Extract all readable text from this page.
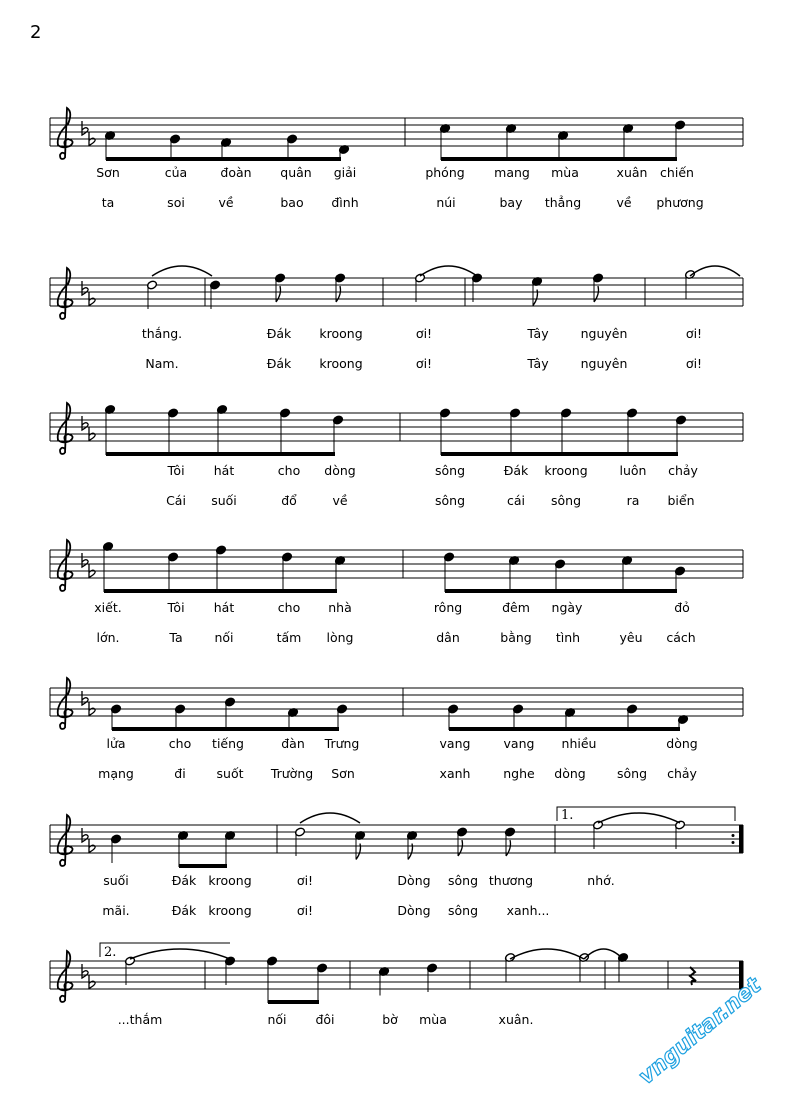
2
Sơn	của	đoàn quân giải	phóng mang mùa	xuân chiến
ta	soi	về	bao đình	núi	bay thẳng	về phương
thắng.	Đák kroong	ơi!	Tây	nguyên	ơi!
Nam.	Đák kroong	ơi!	Tây	nguyên	ơi!
Tôi hát	cho dòng	sông	Đák kroong	luôn chảy
Cái suối	đổ	về	sông	cái sông	ra biển
xiết.	Tôi hát	cho nhà	rông	đêm ngày	đỏ
lớn.	Ta	nối	tấm lòng	dân	bằng tình	yêu cách
lửa	cho tiếng	đàn Trưng	vang	vang nhiều	dòng
mạng	đi suốt Trường Sơn	xanh	nghe dòng	sông chảy
suối	Đák kroong	ơi!	Dòng sông thương	nhớ.
mãi.	Đák kroong	ơi!	Dòng sông xanh...
...thắm	nối đôi	bờ mùa	xuân.
1.
2.
vnguitar.net
